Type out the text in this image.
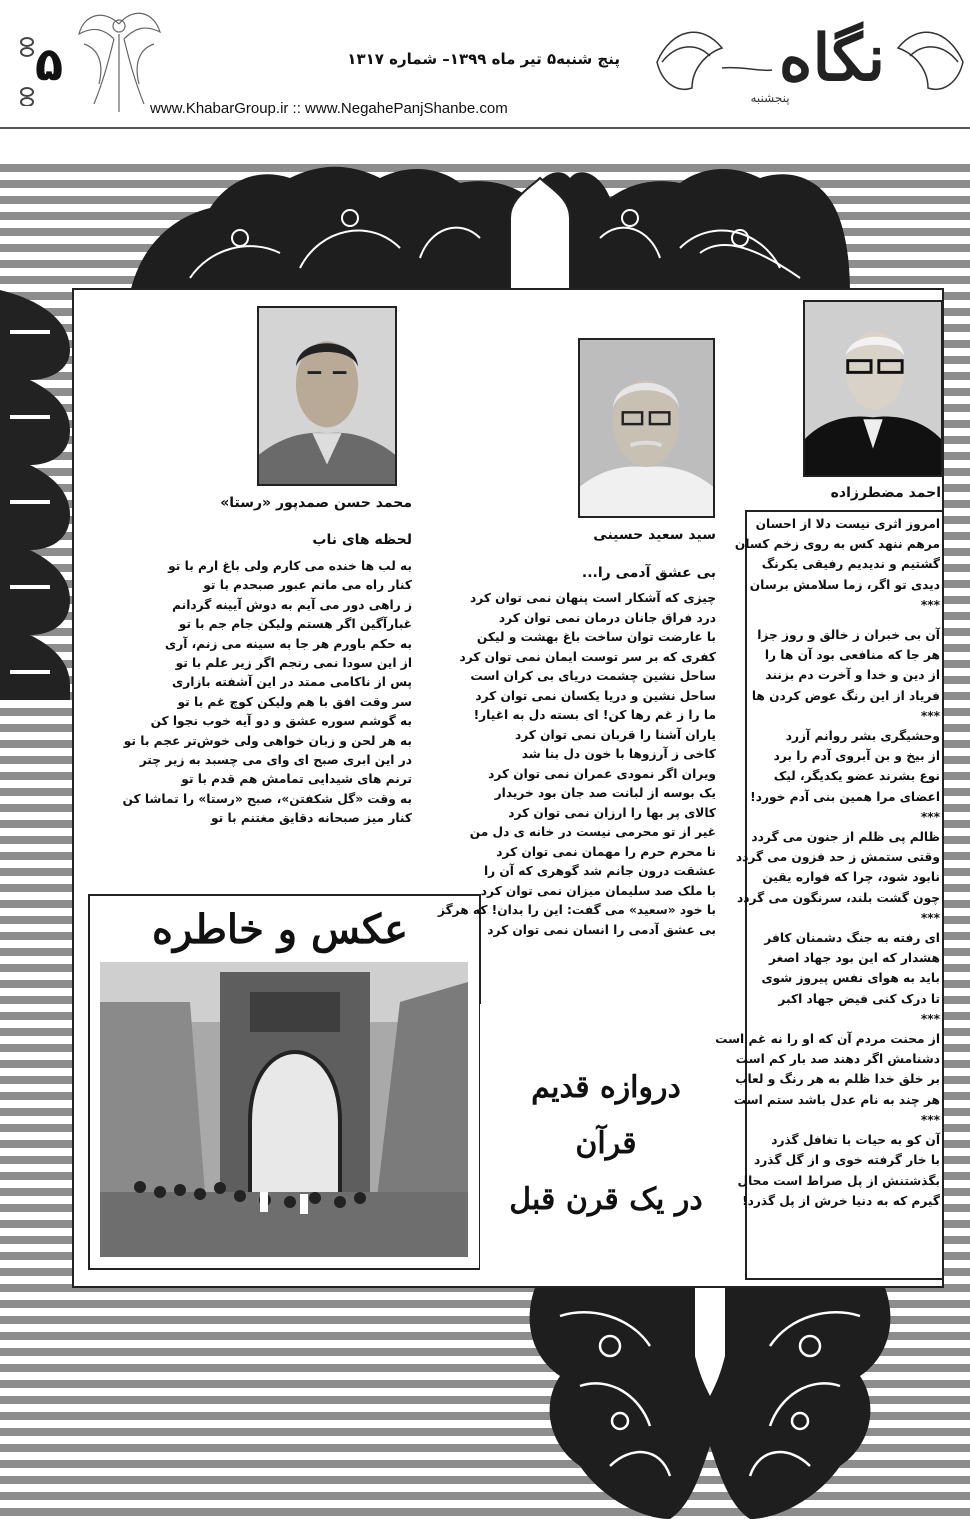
۵	نگاه
پنجشنبه
پنج شنبه۵ تیر ماه ۱۳۹۹– شماره ۱۳۱۷
www.KhabarGroup.ir :: www.NegahePanjShanbe.com
احمد مضطرزاده
امروز اثری نیست دلا از احسان
مرهم ننهد کس به روی زخم کسان
گشتیم و ندیدیم رفیقی یکرنگ
دیدی تو اگر، زما سلامش برسان
***
آن بی خبران ز خالق و روز جزا
هر جا که منافعی بود آن ها را
از دین و خدا و آخرت دم بزنند
فریاد از این رنگ عوض کردن ها
***
وحشیگری بشر روانم آزرد
از بیخ و بن آبروی آدم را برد
نوع بشرند عضو یکدیگر، لیک
اعضای مرا همین بنی آدم خورد!
***
ظالم پی ظلم از جنون می گردد
وقتی ستمش ز حد فزون می گردد
نابود شود، چرا که فواره یقین
چون گشت بلند، سرنگون می گردد
***
ای رفته به جنگ دشمنان کافر
هشدار که این بود جهاد اصغر
باید به هوای نفس پیروز شوی
تا درک کنی فیض جهاد اکبر
***
از محنت مردم آن که او را نه غم است
دشنامش اگر دهند صد بار کم است
بر خلق خدا ظلم به هر رنگ و لعاب
هر چند به نام عدل باشد ستم است
***
آن کو به حیات با تغافل گذرد
با خار گرفته خوی و از گل گذرد
بگذشتنش از پل صراط است محال
گیرم که به دنیا خرش از پل گذرد!
سید سعید حسینی
بی عشق آدمی را...
چیزی که آشکار است پنهان نمی توان کرد
درد فراق جانان درمان نمی توان کرد
با عارضت توان ساخت باغ بهشت و لیکن
کفری که بر سر توست ایمان نمی توان کرد
ساحل نشین چشمت دریای بی کران است
ساحل نشین و دریا یکسان نمی توان کرد
ما را ز غم رها کن! ای بسته دل به اغیار!
یاران آشنا را قربان نمی توان کرد
کاخی ز آرزوها با خون دل بنا شد
ویران اگر نمودی عمران نمی توان کرد
یک بوسه از لبانت صد جان بود خریدار
کالای پر بها را ارزان نمی توان کرد
غیر از تو محرمی نیست در خانه ی دل من
نا محرم حرم را مهمان نمی توان کرد
عشقت درون جانم شد گوهری که آن را
با ملک صد سلیمان میزان نمی توان کرد
با خود «سعید» می گفت: این را بدان! که هرگز
بی عشق آدمی را انسان نمی توان کرد
محمد حسن صمدپور «رستا»
لحظه های ناب
به لب ها خنده می کارم ولی باغ ارم با تو
کنار راه می مانم عبور صبحدم با تو
ز راهی دور می آیم به دوش آیینه گردانم
غبارآگین اگر هستم ولیکن جام جم با تو
به حکم باورم هر جا به سینه می زنم، آری
از این سودا نمی رنجم اگر زیر علم با تو
پس از ناکامی ممتد در این آشفته بازاری
سر وقت افق با هم ولیکن کوچ غم با تو
به گوشم سوره عشق و دو آیه خوب نجوا کن
به هر لحن و زبان خواهی ولی خوش‌تر عجم با تو
در این ابری صبح ای وای می چسبد به زیر چتر
ترنم های شیدایی تمامش هم قدم با تو
به وقت «گل شکفتن»، صبح «رستا» را تماشا کن
کنار میز صبحانه دقایق مغتنم با تو
عکس و خاطره
دروازه قدیم قرآن
در یک قرن قبل
